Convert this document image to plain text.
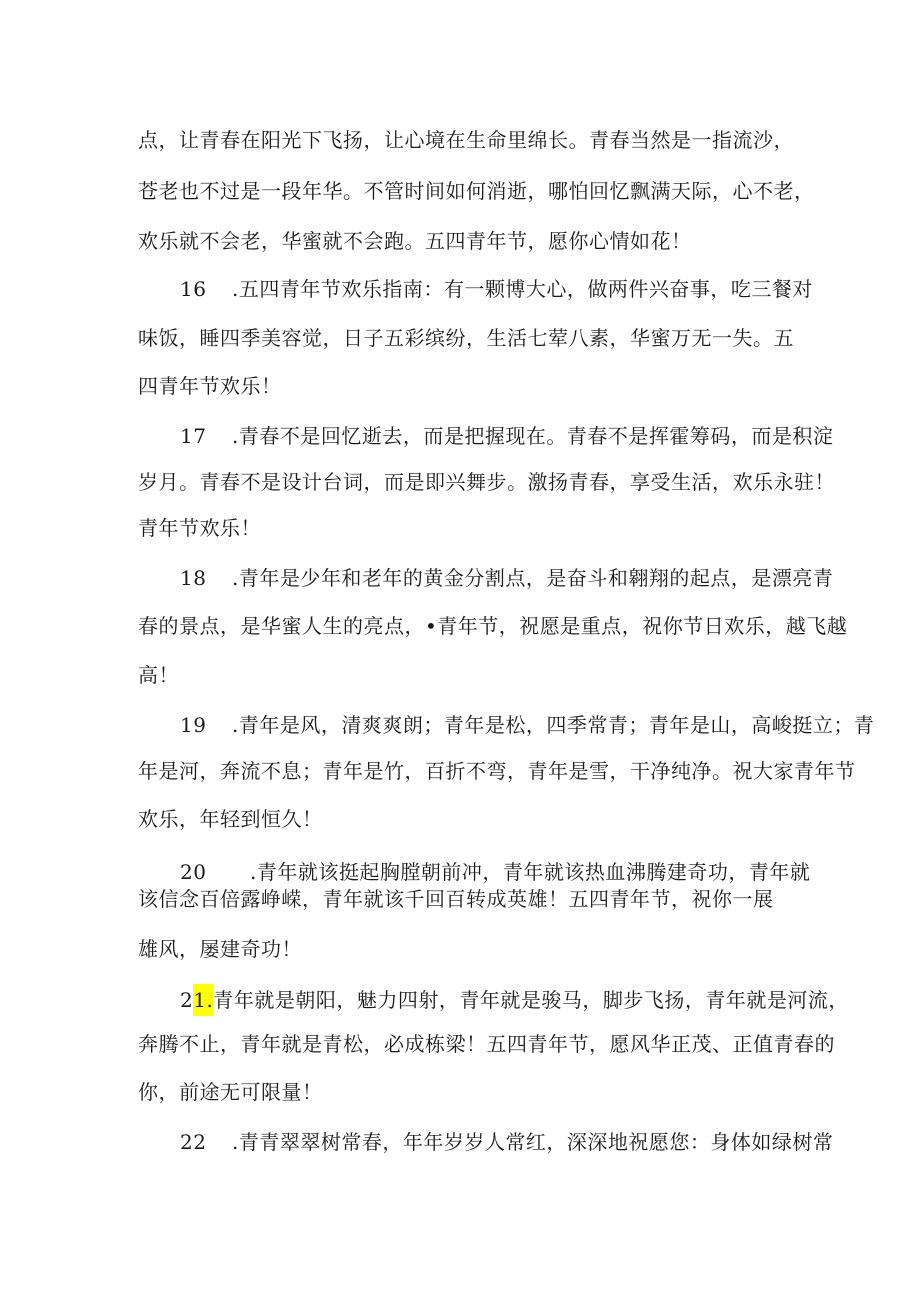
点，让青春在阳光下飞扬，让心境在生命里绵长。青春当然是一指流沙，
苍老也不过是一段年华。不管时间如何消逝，哪怕回忆飘满天际，心不老，
欢乐就不会老，华蜜就不会跑。五四青年节，愿你心情如花！
16 .五四青年节欢乐指南：有一颗博大心，做两件兴奋事，吃三餐对
味饭，睡四季美容觉，日子五彩缤纷，生活七荤八素，华蜜万无一失。五
四青年节欢乐！
17 .青春不是回忆逝去，而是把握现在。青春不是挥霍筹码，而是积淀
岁月。青春不是设计台词，而是即兴舞步。激扬青春，享受生活，欢乐永驻！
青年节欢乐！
18 .青年是少年和老年的黄金分割点，是奋斗和翱翔的起点，是漂亮青
春的景点，是华蜜人生的亮点，•青年节，祝愿是重点，祝你节日欢乐，越飞越
高！
19 .青年是风，清爽爽朗；青年是松，四季常青；青年是山，高峻挺立；青
年是河，奔流不息；青年是竹，百折不弯，青年是雪，干净纯净。祝大家青年节
欢乐，年轻到恒久！
20 .青年就该挺起胸膛朝前冲，青年就该热血沸腾建奇功，青年就
该信念百倍露峥嵘，青年就该千回百转成英雄！五四青年节，祝你一展
雄风，屡建奇功！
21.青年就是朝阳，魅力四射，青年就是骏马，脚步飞扬，青年就是河流，
奔腾不止，青年就是青松，必成栋梁！五四青年节，愿风华正茂、正值青春的
你，前途无可限量！
22 .青青翠翠树常春，年年岁岁人常红，深深地祝愿您：身体如绿树常
